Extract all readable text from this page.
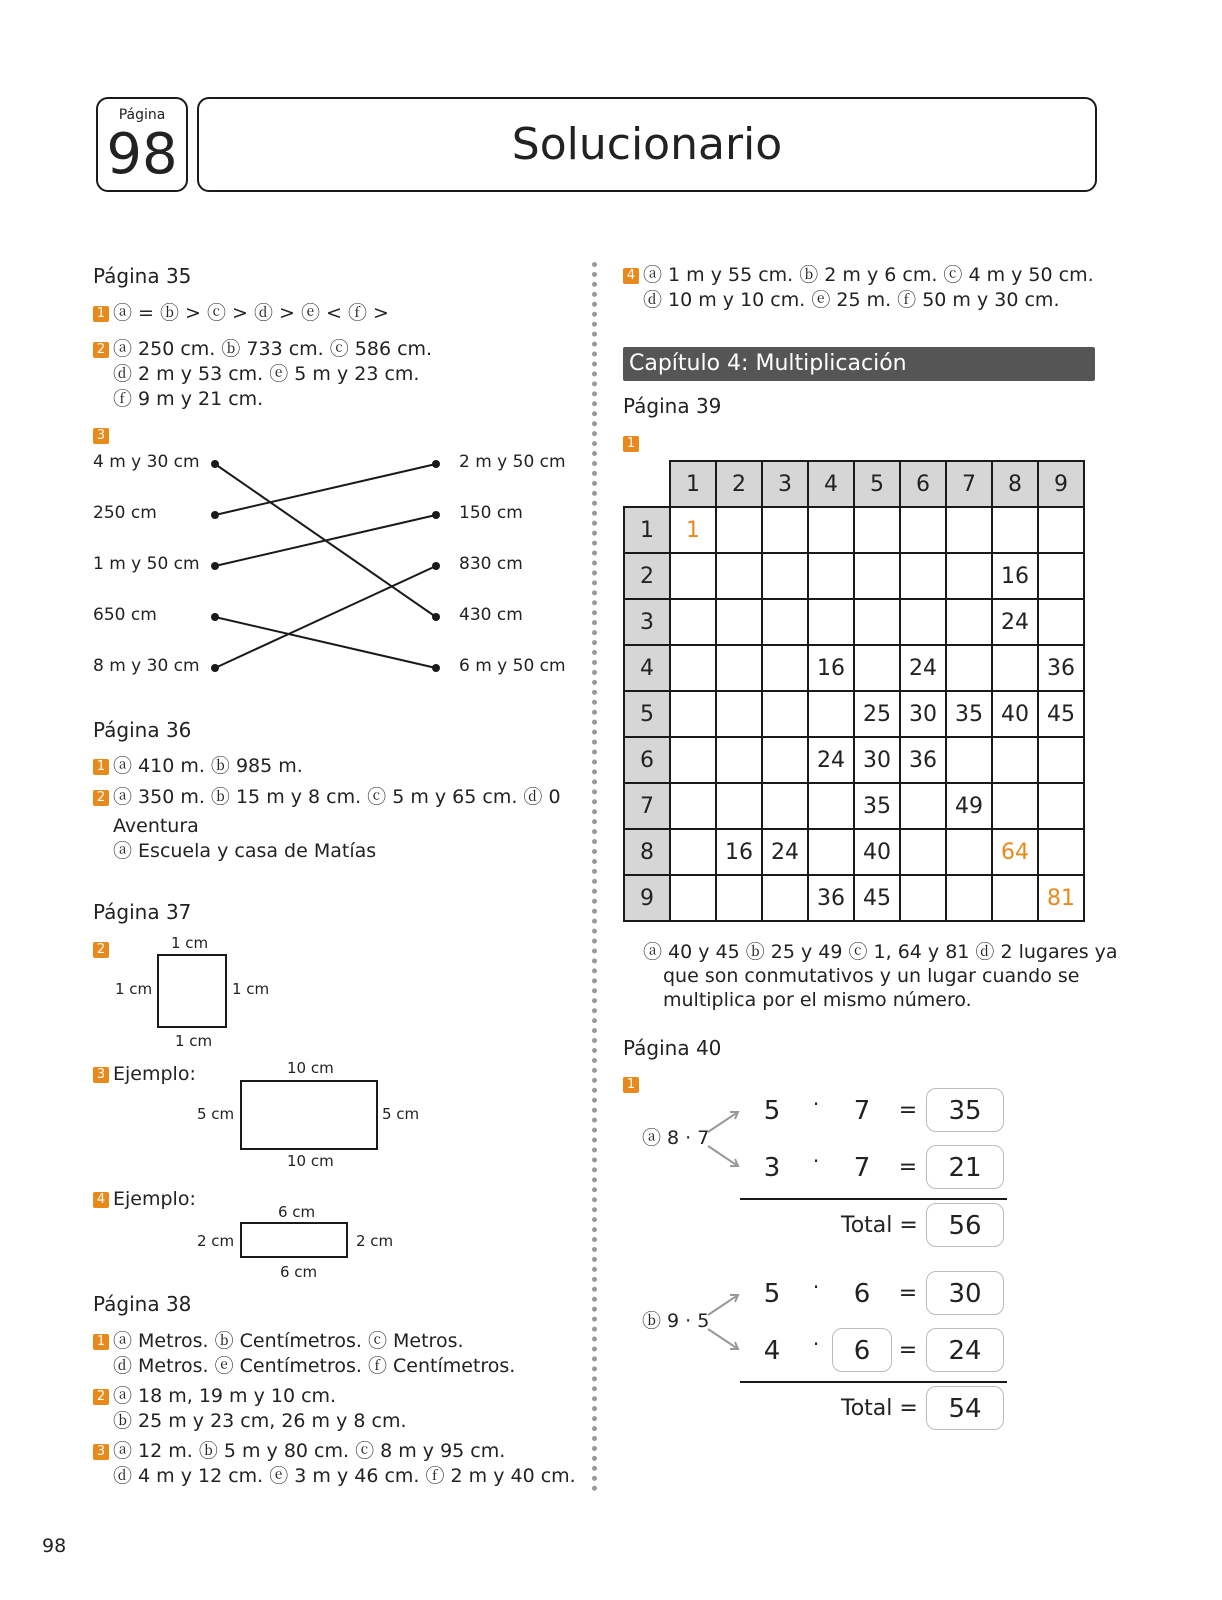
Página
98	Solucionario
Página 35
1 ⓐ = ⓑ > ⓒ > ⓓ > ⓔ < ⓕ >
2 ⓐ 250 cm. ⓑ 733 cm. ⓒ 586 cm.
ⓓ 2 m y 53 cm. ⓔ 5 m y 23 cm.
ⓕ 9 m y 21 cm.
3
4 m y 30 cm
250 cm
1 m y 50 cm
650 cm
8 m y 30 cm
2 m y 50 cm
150 cm
830 cm
430 cm
6 m y 50 cm
Página 36
1 ⓐ 410 m. ⓑ 985 m.
2 ⓐ 350 m. ⓑ 15 m y 8 cm. ⓒ 5 m y 65 cm. ⓓ 0
Aventura
ⓐ Escuela y casa de Matías
Página 37
2	1 cm
1 cm	1 cm
1 cm
3 Ejemplo:	10 cm
5 cm	5 cm
10 cm
4 Ejemplo:
6 cm
2 cm	2 cm
6 cm
Página 38
1 ⓐ Metros. ⓑ Centímetros. ⓒ Metros.
ⓓ Metros. ⓔ Centímetros. ⓕ Centímetros.
2 ⓐ 18 m, 19 m y 10 cm.
ⓑ 25 m y 23 cm, 26 m y 8 cm.
3 ⓐ 12 m. ⓑ 5 m y 80 cm. ⓒ 8 m y 95 cm.
ⓓ 4 m y 12 cm. ⓔ 3 m y 46 cm. ⓕ 2 m y 40 cm.
98
4 ⓐ 1 m y 55 cm. ⓑ 2 m y 6 cm. ⓒ 4 m y 50 cm.
ⓓ 10 m y 10 cm. ⓔ 25 m. ⓕ 50 m y 30 cm.
Capítulo 4: Multiplicación
Página 39
1
	1	2	3	4	5	6	7	8	9
1	1								
2								16	
3								24	
4				16		24			36
5					25	30	35	40	45
6				24	30	36			
7					35		49		
8		16	24		40			64	
9				36	45				81
ⓐ 40 y 45 ⓑ 25 y 49 ⓒ 1, 64 y 81 ⓓ 2 lugares ya
que son conmutativos y un lugar cuando se
multiplica por el mismo número.
Página 40
1
ⓐ 8 · 7
5	·	7	=	35
3	·	7	=	21
Total =	56
ⓑ 9 · 5
5	·	6	=	30
4	·	6	=	24
Total =	54
